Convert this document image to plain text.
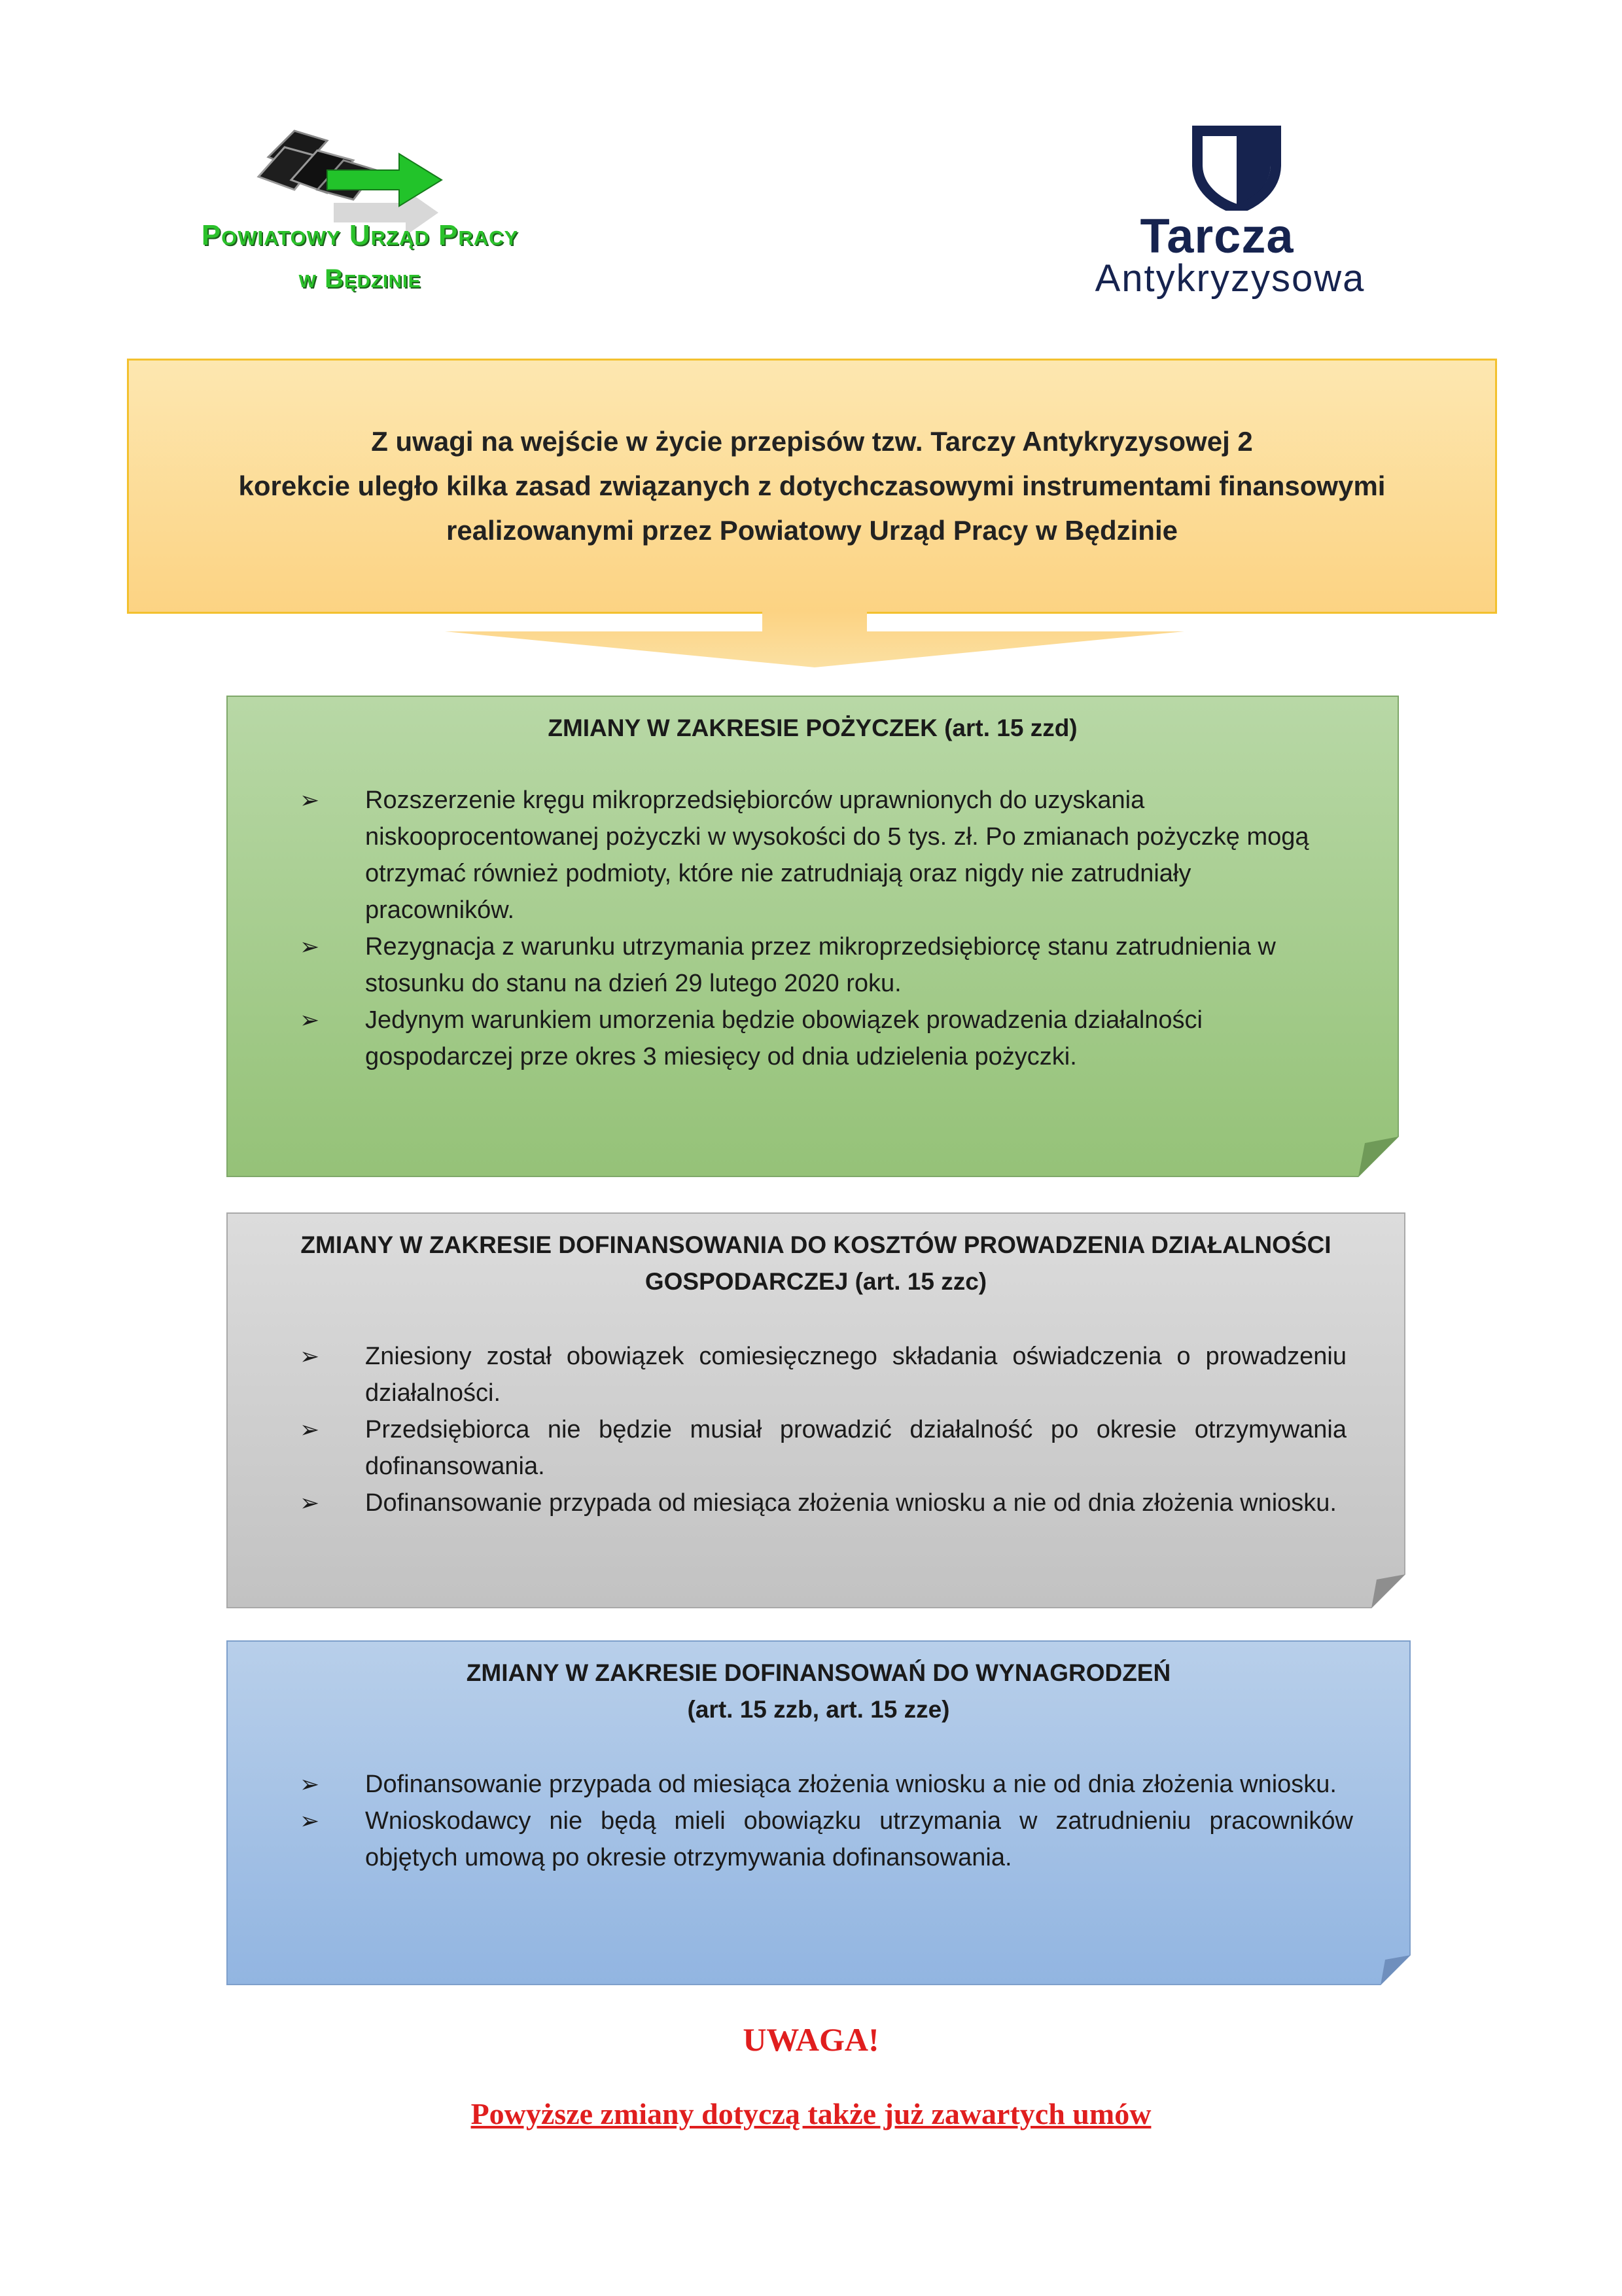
Powiatowy Urząd Pracy
w Będzinie
Tarcza
Antykryzysowa
Z uwagi na wejście w życie przepisów tzw. Tarczy Antykryzysowej 2
korekcie uległo kilka zasad związanych z dotychczasowymi instrumentami finansowymi
realizowanymi przez Powiatowy Urząd Pracy w Będzinie
ZMIANY W ZAKRESIE POŻYCZEK (art. 15 zzd)
➢	Rozszerzenie kręgu mikroprzedsiębiorców uprawnionych do uzyskania niskooprocentowanej pożyczki w wysokości do 5 tys. zł. Po zmianach pożyczkę mogą otrzymać również podmioty, które nie zatrudniają oraz nigdy nie zatrudniały pracowników.
➢	Rezygnacja z warunku utrzymania przez mikroprzedsiębiorcę stanu zatrudnienia w stosunku do stanu na dzień 29 lutego 2020 roku.
➢	Jedynym warunkiem umorzenia będzie obowiązek prowadzenia działalności gospodarczej prze okres 3 miesięcy od dnia udzielenia pożyczki.
ZMIANY W ZAKRESIE DOFINANSOWANIA DO KOSZTÓW PROWADZENIA DZIAŁALNOŚCI
GOSPODARCZEJ (art. 15 zzc)
➢	Zniesiony został obowiązek comiesięcznego składania oświadczenia o prowadzeniu działalności.
➢	Przedsiębiorca nie będzie musiał prowadzić działalność po okresie otrzymywania dofinansowania.
➢	Dofinansowanie przypada od miesiąca złożenia wniosku a nie od dnia złożenia wniosku.
ZMIANY W ZAKRESIE DOFINANSOWAŃ DO WYNAGRODZEŃ
(art. 15 zzb, art. 15 zze)
➢	Dofinansowanie przypada od miesiąca złożenia wniosku a nie od dnia złożenia wniosku.
➢	Wnioskodawcy nie będą mieli obowiązku utrzymania w zatrudnieniu pracowników objętych umową po okresie otrzymywania dofinansowania.
UWAGA!
Powyższe zmiany dotyczą także już zawartych umów
